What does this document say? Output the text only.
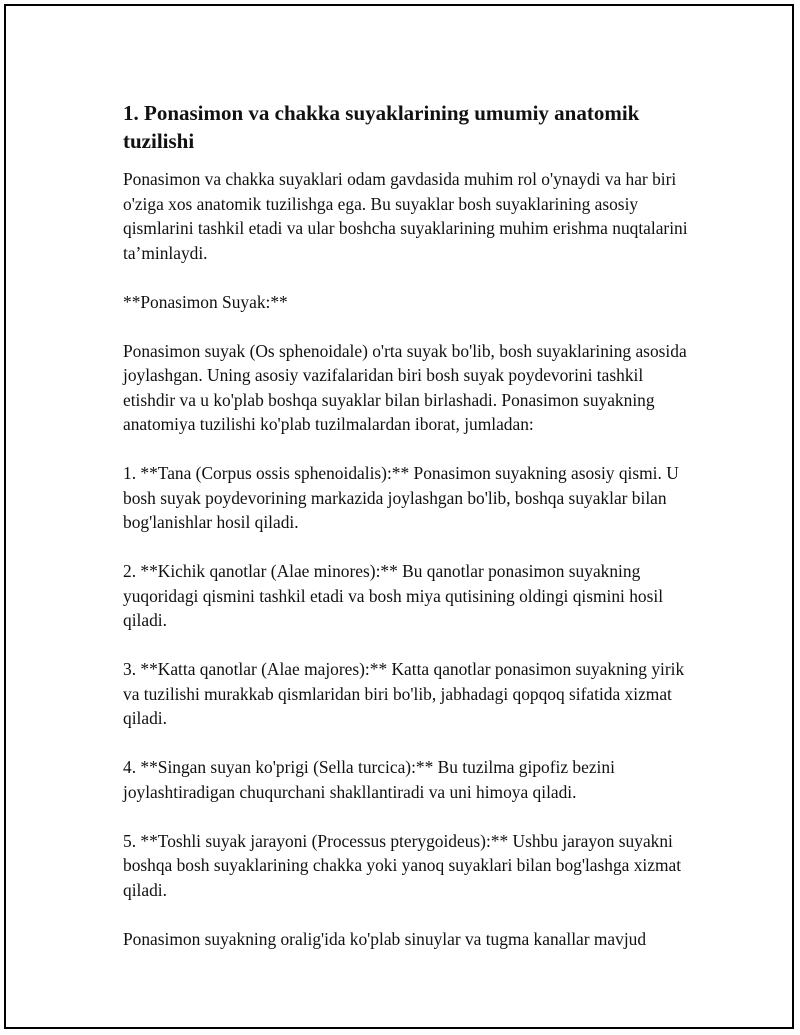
1. Ponasimon va chakka suyaklarining umumiy anatomik tuzilishi

Ponasimon va chakka suyaklari odam gavdasida muhim rol o'ynaydi va har biri o'ziga xos anatomik tuzilishga ega. Bu suyaklar bosh suyaklarining asosiy qismlarini tashkil etadi va ular boshcha suyaklarining muhim erishma nuqtalarini ta’minlaydi.

**Ponasimon Suyak:**

Ponasimon suyak (Os sphenoidale) o'rta suyak bo'lib, bosh suyaklarining asosida joylashgan. Uning asosiy vazifalaridan biri bosh suyak poydevorini tashkil etishdir va u ko'plab boshqa suyaklar bilan birlashadi. Ponasimon suyakning anatomiya tuzilishi ko'plab tuzilmalardan iborat, jumladan:

1. **Tana (Corpus ossis sphenoidalis):** Ponasimon suyakning asosiy qismi. U bosh suyak poydevorining markazida joylashgan bo'lib, boshqa suyaklar bilan bog'lanishlar hosil qiladi.

2. **Kichik qanotlar (Alae minores):** Bu qanotlar ponasimon suyakning yuqoridagi qismini tashkil etadi va bosh miya qutisining oldingi qismini hosil qiladi.

3. **Katta qanotlar (Alae majores):** Katta qanotlar ponasimon suyakning yirik va tuzilishi murakkab qismlaridan biri bo'lib, jabhadagi qopqoq sifatida xizmat qiladi.

4. **Singan suyan ko'prigi (Sella turcica):** Bu tuzilma gipofiz bezini joylashtiradigan chuqurchani shakllantiradi va uni himoya qiladi.

5. **Toshli suyak jarayoni (Processus pterygoideus):** Ushbu jarayon suyakni boshqa bosh suyaklarining chakka yoki yanoq suyaklari bilan bog'lashga xizmat qiladi.

Ponasimon suyakning oralig'ida ko'plab sinuylar va tugma kanallar mavjud
